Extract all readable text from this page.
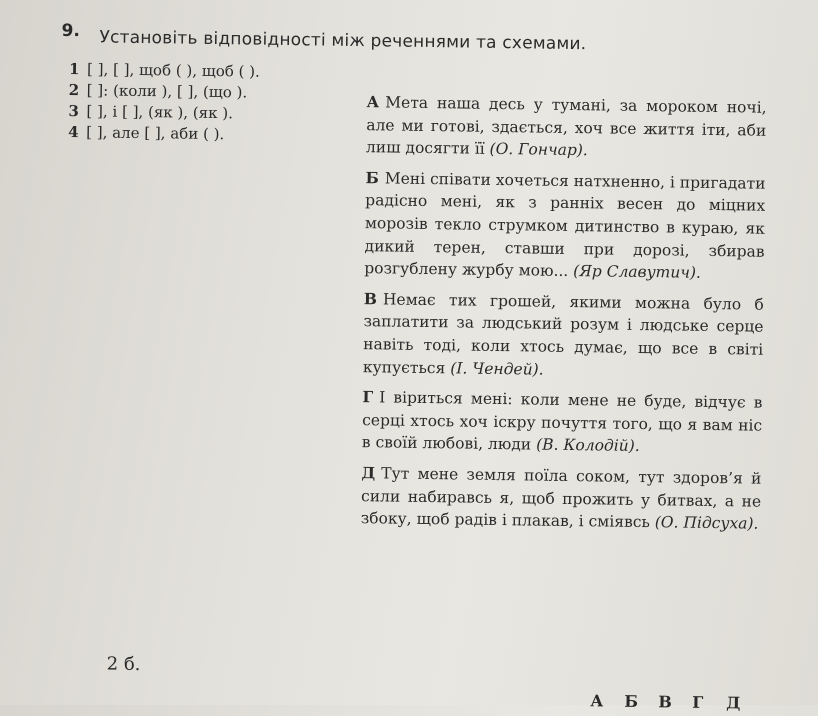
9. Установіть відповідності між реченнями та схемами.
1 [ ], [ ], щоб ( ), щоб ( ).
2 [ ]: (коли ), [ ], (що ).
3 [ ], і [ ], (як ), (як ).
4 [ ], але [ ], аби ( ).
А Мета наша десь у тумані, за мороком ночі, але ми готові, здається, хоч все життя іти, аби лиш досягти її (О. Гончар).
Б Мені співати хочеться натхненно, і пригадати радісно мені, як з ранніх весен до міцних морозів текло струмком дитинство в кураю, як дикий терен, ставши при дорозі, збирав розгублену журбу мою... (Яр Славутич).
В Немає тих грошей, якими можна було б заплатити за людський розум і людське серце навіть тоді, коли хтось думає, що все в світі купується (І. Чендей).
Г І віриться мені: коли мене не буде, відчує в серці хтось хоч іскру почуття того, що я вам ніс в своїй любові, люди (В. Колодій).
Д Тут мене земля поїла соком, тут здоров’я й сили набиравсь я, щоб прожить у битвах, а не збоку, щоб радів і плакав, і сміявсь (О. Підсуха).
2 б.
А Б В Г Д
